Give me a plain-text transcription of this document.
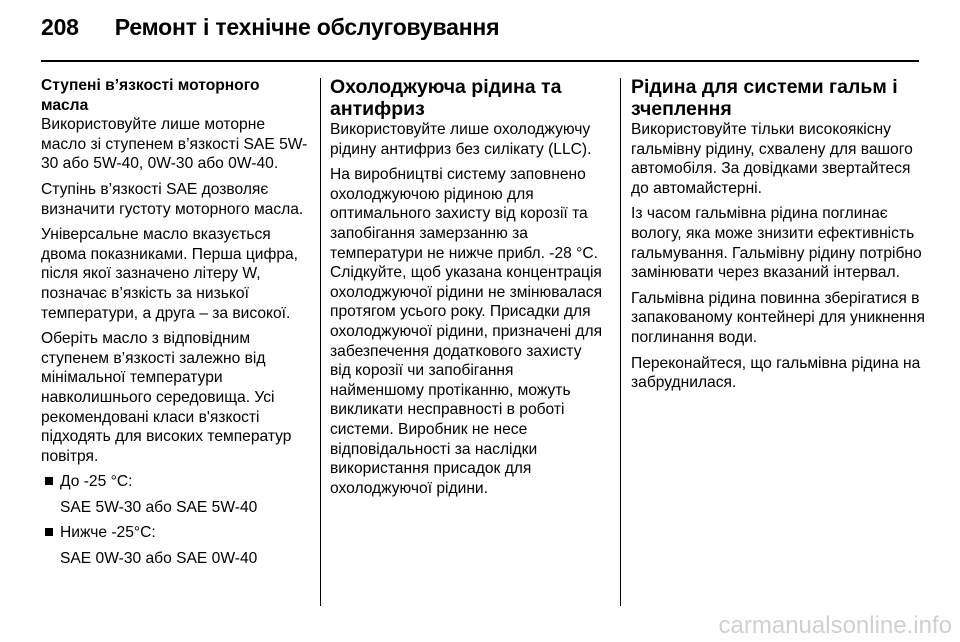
208 Ремонт і технічне обслуговування
Ступені в’язкості моторного масла

Використовуйте лише моторне масло зі ступенем в’язкості SAE 5W-30 або 5W-40, 0W-30 або 0W-40.

Ступінь в’язкості SAE дозволяє визначити густоту моторного масла.

Універсальне масло вказується двома показниками. Перша цифра, після якої зазначено літеру W, позначає в’язкість за низької температури, а друга – за високої.

Оберіть масло з відповідним ступенем в’язкості залежно від мінімальної температури навколишнього середовища. Усі рекомендовані класи в'язкості підходять для високих температур повітря.

До -25 °C:
SAE 5W-30 або SAE 5W-40
Нижче -25°C:
SAE 0W-30 або SAE 0W-40
Охолоджуюча рідина та антифриз

Використовуйте лише охолоджуючу рідину антифриз без силікату (LLC).

На виробництві систему заповнено охолоджуючою рідиною для оптимального захисту від корозії та запобігання замерзанню за температури не нижче прибл. -28 °C. Слідкуйте, щоб указана концентрація охолоджуючої рідини не змінювалася протягом усього року. Присадки для охолоджуючої рідини, призначені для забезпечення додаткового захисту від корозії чи запобігання найменшому протіканню, можуть викликати несправності в роботі системи. Виробник не несе відповідальності за наслідки використання присадок для охолоджуючої рідини.

Рідина для системи гальм і зчеплення

Використовуйте тільки високоякісну гальмівну рідину, схвалену для вашого автомобіля. За довідками звертайтеся до автомайстерні.

Із часом гальмівна рідина поглинає вологу, яка може знизити ефективність гальмування. Гальмівну рідину потрібно замінювати через вказаний інтервал.

Гальмівна рідина повинна зберігатися в запакованому контейнері для уникнення поглинання води.

Переконайтеся, що гальмівна рідина на забруднилася.

carmanualsonline.info
